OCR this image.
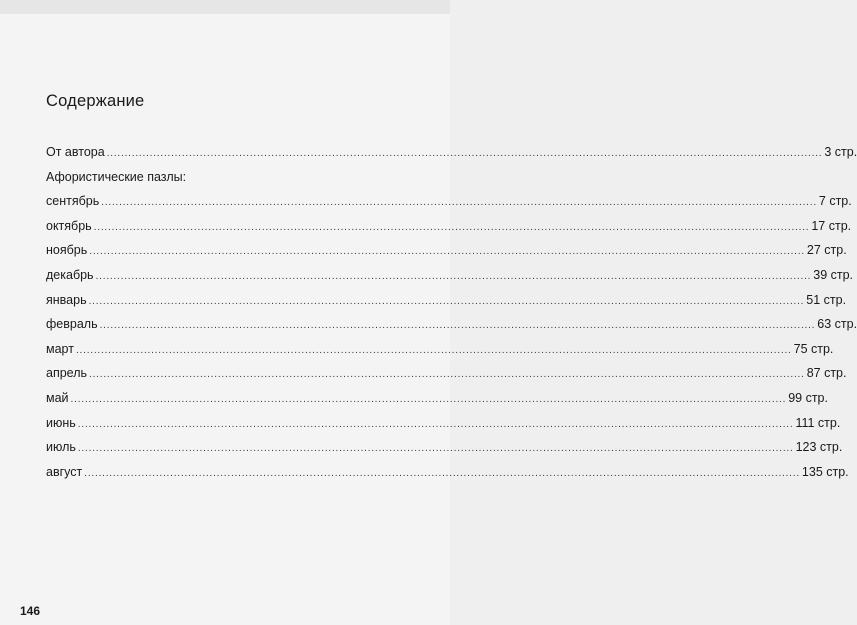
Содержание
От автора ........................................................................................................................................................................................................ 3 стр.
Афористические пазлы:
сентябрь ........................................................................................................................................................................................................ 7 стр.
октябрь ........................................................................................................................................................................................................ 17 стр.
ноябрь ........................................................................................................................................................................................................ 27 стр.
декабрь ........................................................................................................................................................................................................ 39 стр.
январь ........................................................................................................................................................................................................ 51 стр.
февраль ........................................................................................................................................................................................................ 63 стр.
март ........................................................................................................................................................................................................ 75 стр.
апрель ........................................................................................................................................................................................................ 87 стр.
май ........................................................................................................................................................................................................ 99 стр.
июнь ........................................................................................................................................................................................................ 111 стр.
июль ........................................................................................................................................................................................................ 123 стр.
август ........................................................................................................................................................................................................ 135 стр.
146
